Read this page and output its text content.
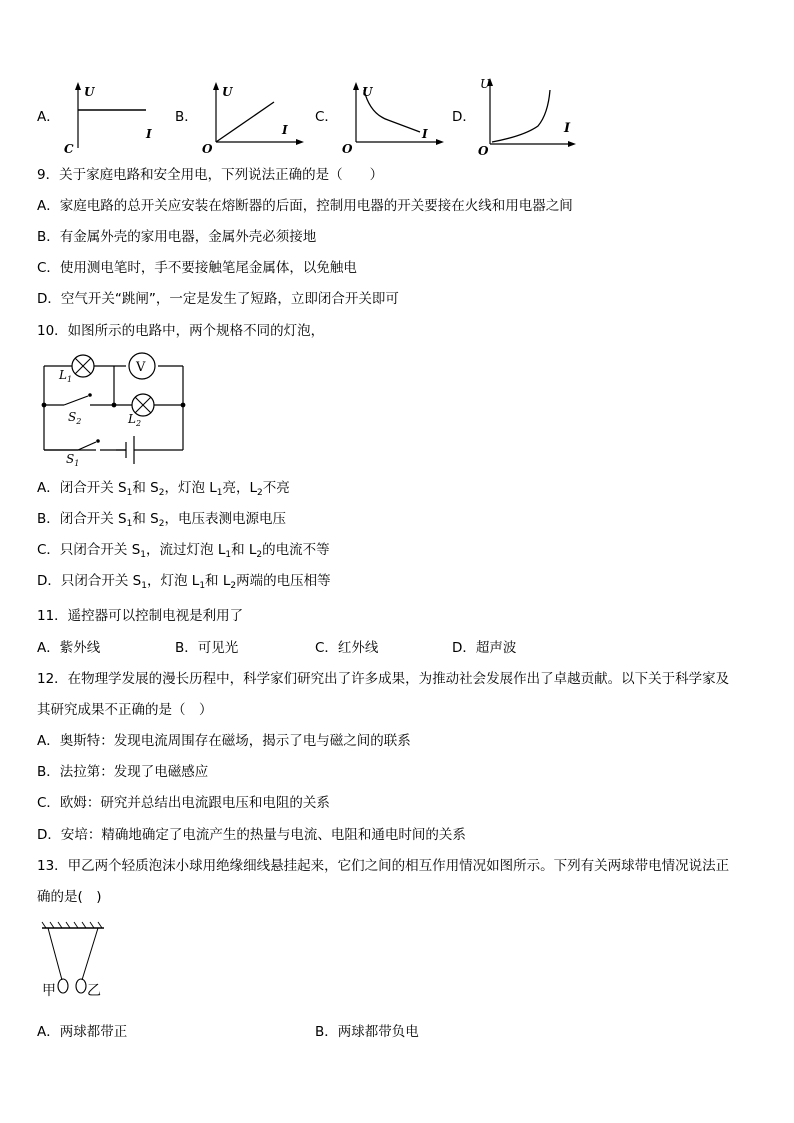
A．
U
I
C
B．
U
I
O
C．
U
I
O
D．
U
I
O
9．关于家庭电路和安全用电，下列说法正确的是（　　）
A．家庭电路的总开关应安装在熔断器的后面，控制用电器的开关要接在火线和用电器之间
B．有金属外壳的家用电器，金属外壳必须接地
C．使用测电笔时，手不要接触笔尾金属体，以免触电
D．空气开关“跳闸”，一定是发生了短路，立即闭合开关即可
10．如图所示的电路中，两个规格不同的灯泡，
V
$L_1$
$S_2$	$L_2$
$S_1$
A．闭合开关 $S_1$和 $S_2$，灯泡 $L_1$亮，$L_2$不亮
B．闭合开关 $S_1$和 $S_2$，电压表测电源电压
C．只闭合开关 $S_1$，流过灯泡 $L_1$和 $L_2$的电流不等
D．只闭合开关 $S_1$，灯泡 $L_1$和 $L_2$两端的电压相等
11．遥控器可以控制电视是利用了
A．紫外线	B．可见光	C．红外线	D．超声波
12．在物理学发展的漫长历程中，科学家们研究出了许多成果，为推动社会发展作出了卓越贡献。以下关于科学家及
其研究成果不正确的是（　）
A．奥斯特：发现电流周围存在磁场，揭示了电与磁之间的联系
B．法拉第：发现了电磁感应
C．欧姆：研究并总结出电流跟电压和电阻的关系
D．安培：精确地确定了电流产生的热量与电流、电阻和通电时间的关系
13．甲乙两个轻质泡沫小球用绝缘细线悬挂起来，它们之间的相互作用情况如图所示。下列有关两球带电情况说法正
确的是(　)
甲 乙
A．两球都带正	B．两球都带负电
